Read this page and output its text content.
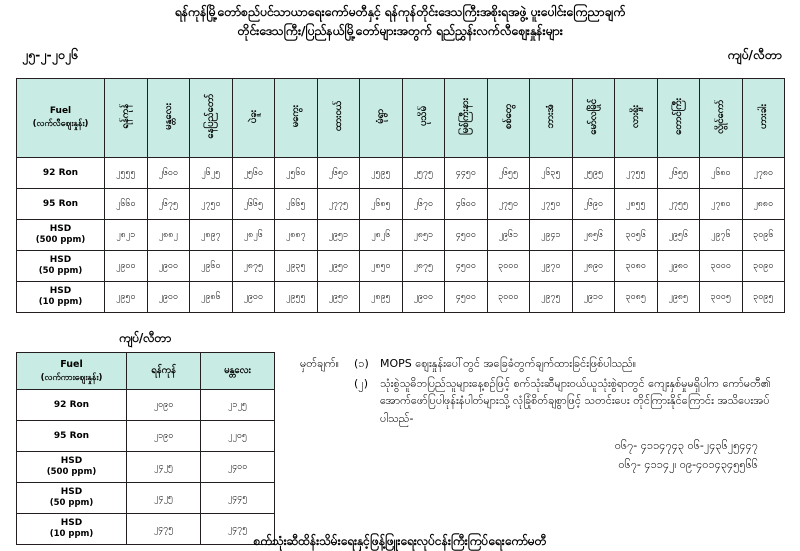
ရန်ကုန်မြို့တော်စည်ပင်သာယာရေးကော်မတီနှင့် ရန်ကုန်တိုင်းဒေသကြီးအစိုးရအဖွဲ့ ပူးပေါင်းကြေညာချက်
တိုင်းဒေသကြီး/ပြည်နယ်မြို့တော်များအတွက် ရည်ညွှန်းလက်လီဈေးနှုန်းများ
၂၅-၂-၂၀၂၆	ကျပ်/လီတာ
Fuel
(လက်လီဈေးနှုန်း)	ရန်ကုန်	မန္တလေး	နေပြည်တော်	ပဲခူး	မကွေး	ထားဝယ်	မုံရွာ	ပုသိမ်	မြစ်ကြီးနား	စစ်တွေ	ဘားအံ	မော်လမြိုင်	လားရှိုး	တောင်ကြီး	လွိုင်ကော်	ဟားခါး
92 Ron	၂၅၅၅	၂၆၀၀	၂၆၂၅	၂၅၆၀	၂၅၆၀	၂၆၅၀	၂၅၉၅	၂၅၇၅	၄၄၅၀	၂၆၅၅	၂၆၃၅	၂၅၉၅	၂၇၅၅	၂၆၅၅	၂၆၈၀	၂၇၈၀
95 Ron	၂၆၆၀	၂၆၇၅	၂၇၅၀	၂၆၆၅	၂၆၆၅	၂၇၇၅	၂၆၈၅	၂၆၇၀	၄၆၀၀	၂၇၅၀	၂၇၅၀	၂၆၉၀	၂၈၅၅	၂၇၅၅	၂၇၈၀	၂၈၈၀
HSD
(500 ppm)	၂၈၂၁	၂၈၈၂	၂၈၉၇	၂၈၂၆	၂၈၈၇	၂၉၅၁	၂၈၂၆	၂၈၅၁	၄၅၀၀	၂၉၆၁	၂၉၄၁	၂၈၅၆	၃၀၅၆	၂၉၅၆	၂၉၇၆	၃၀၉၆
HSD
(50 ppm)	၂၉၀၀	၂၉၀၀	၂၉၆၀	၂၈၇၅	၂၉၃၅	၂၉၅၀	၂၈၅၀	၂၈၇၅	၄၅၀၀	၃၀၀၀	၂၉၇၀	၂၈၉၀	၃၀၈၀	၂၉၈၀	၃၀၀၀	၃၀၉၀
HSD
(10 ppm)	၂၉၅၀	၂၉၀၀	၂၉၈၆	၂၉၀၀	၂၉၅၅	၂၉၅၀	၂၈၉၅	၂၉၀၀	၄၅၀၀	၃၀၀၀	၂၉၇၅	၂၉၁၀	၃၀၈၅	၂၉၈၅	၃၀၀၅	၃၀၉၅
ကျပ်/လီတာ
Fuel
(လက်ကားဈေးနှုန်း)	ရန်ကုန်	မန္တလေး
92 Ron	၂၀၉၀	၂၁၂၅
95 Ron	၂၁၉၀	၂၂၀၅
HSD
(500 ppm)	၂၄၂၅	၂၄၀၀
HSD
(50 ppm)	၂၄၂၅	၂၄၄၅
HSD
(10 ppm)	၂၄၇၅	၂၄၇၅
မှတ်ချက်။	(၁)	MOPS ဈေးနှုန်းပေါ်တွင် အခြေခံတွက်ချက်ထားခြင်းဖြစ်ပါသည်။
(၂)	သုံးစွဲသူဓိဘပြည်သူများနေ့စဉ်ဖြင့် စက်သုံးဆီများဝယ်ယူသုံးစွဲရာတွင် ကျေးနှစ်မှုမရှိပါက ကော်မတီ၏ အောက်ဖော်ပြပါဖုန်းနံပါတ်များသို့ လုံခြုံစိတ်ချစွာဖြင့် သတင်းပေး တိုင်ကြားနိုင်ကြောင်း အသိပေးအပ်ပါသည်-
ဝ၆၇- ၄၁၁၄၇၄၃ ဝ၆-၂၄၃၆၂၅၄၄၇
ဝ၆၇- ၄၁၁၄၂၊ ၀၉-၄၀၁၄၃၄၅၅၆၆
စက်သုံးဆီထိန်းသိမ်းရေးနှင့်ဖြန့်ဖြူးရေးလုပ်ငန်းကြီးကြပ်ရေးကော်မတီ
